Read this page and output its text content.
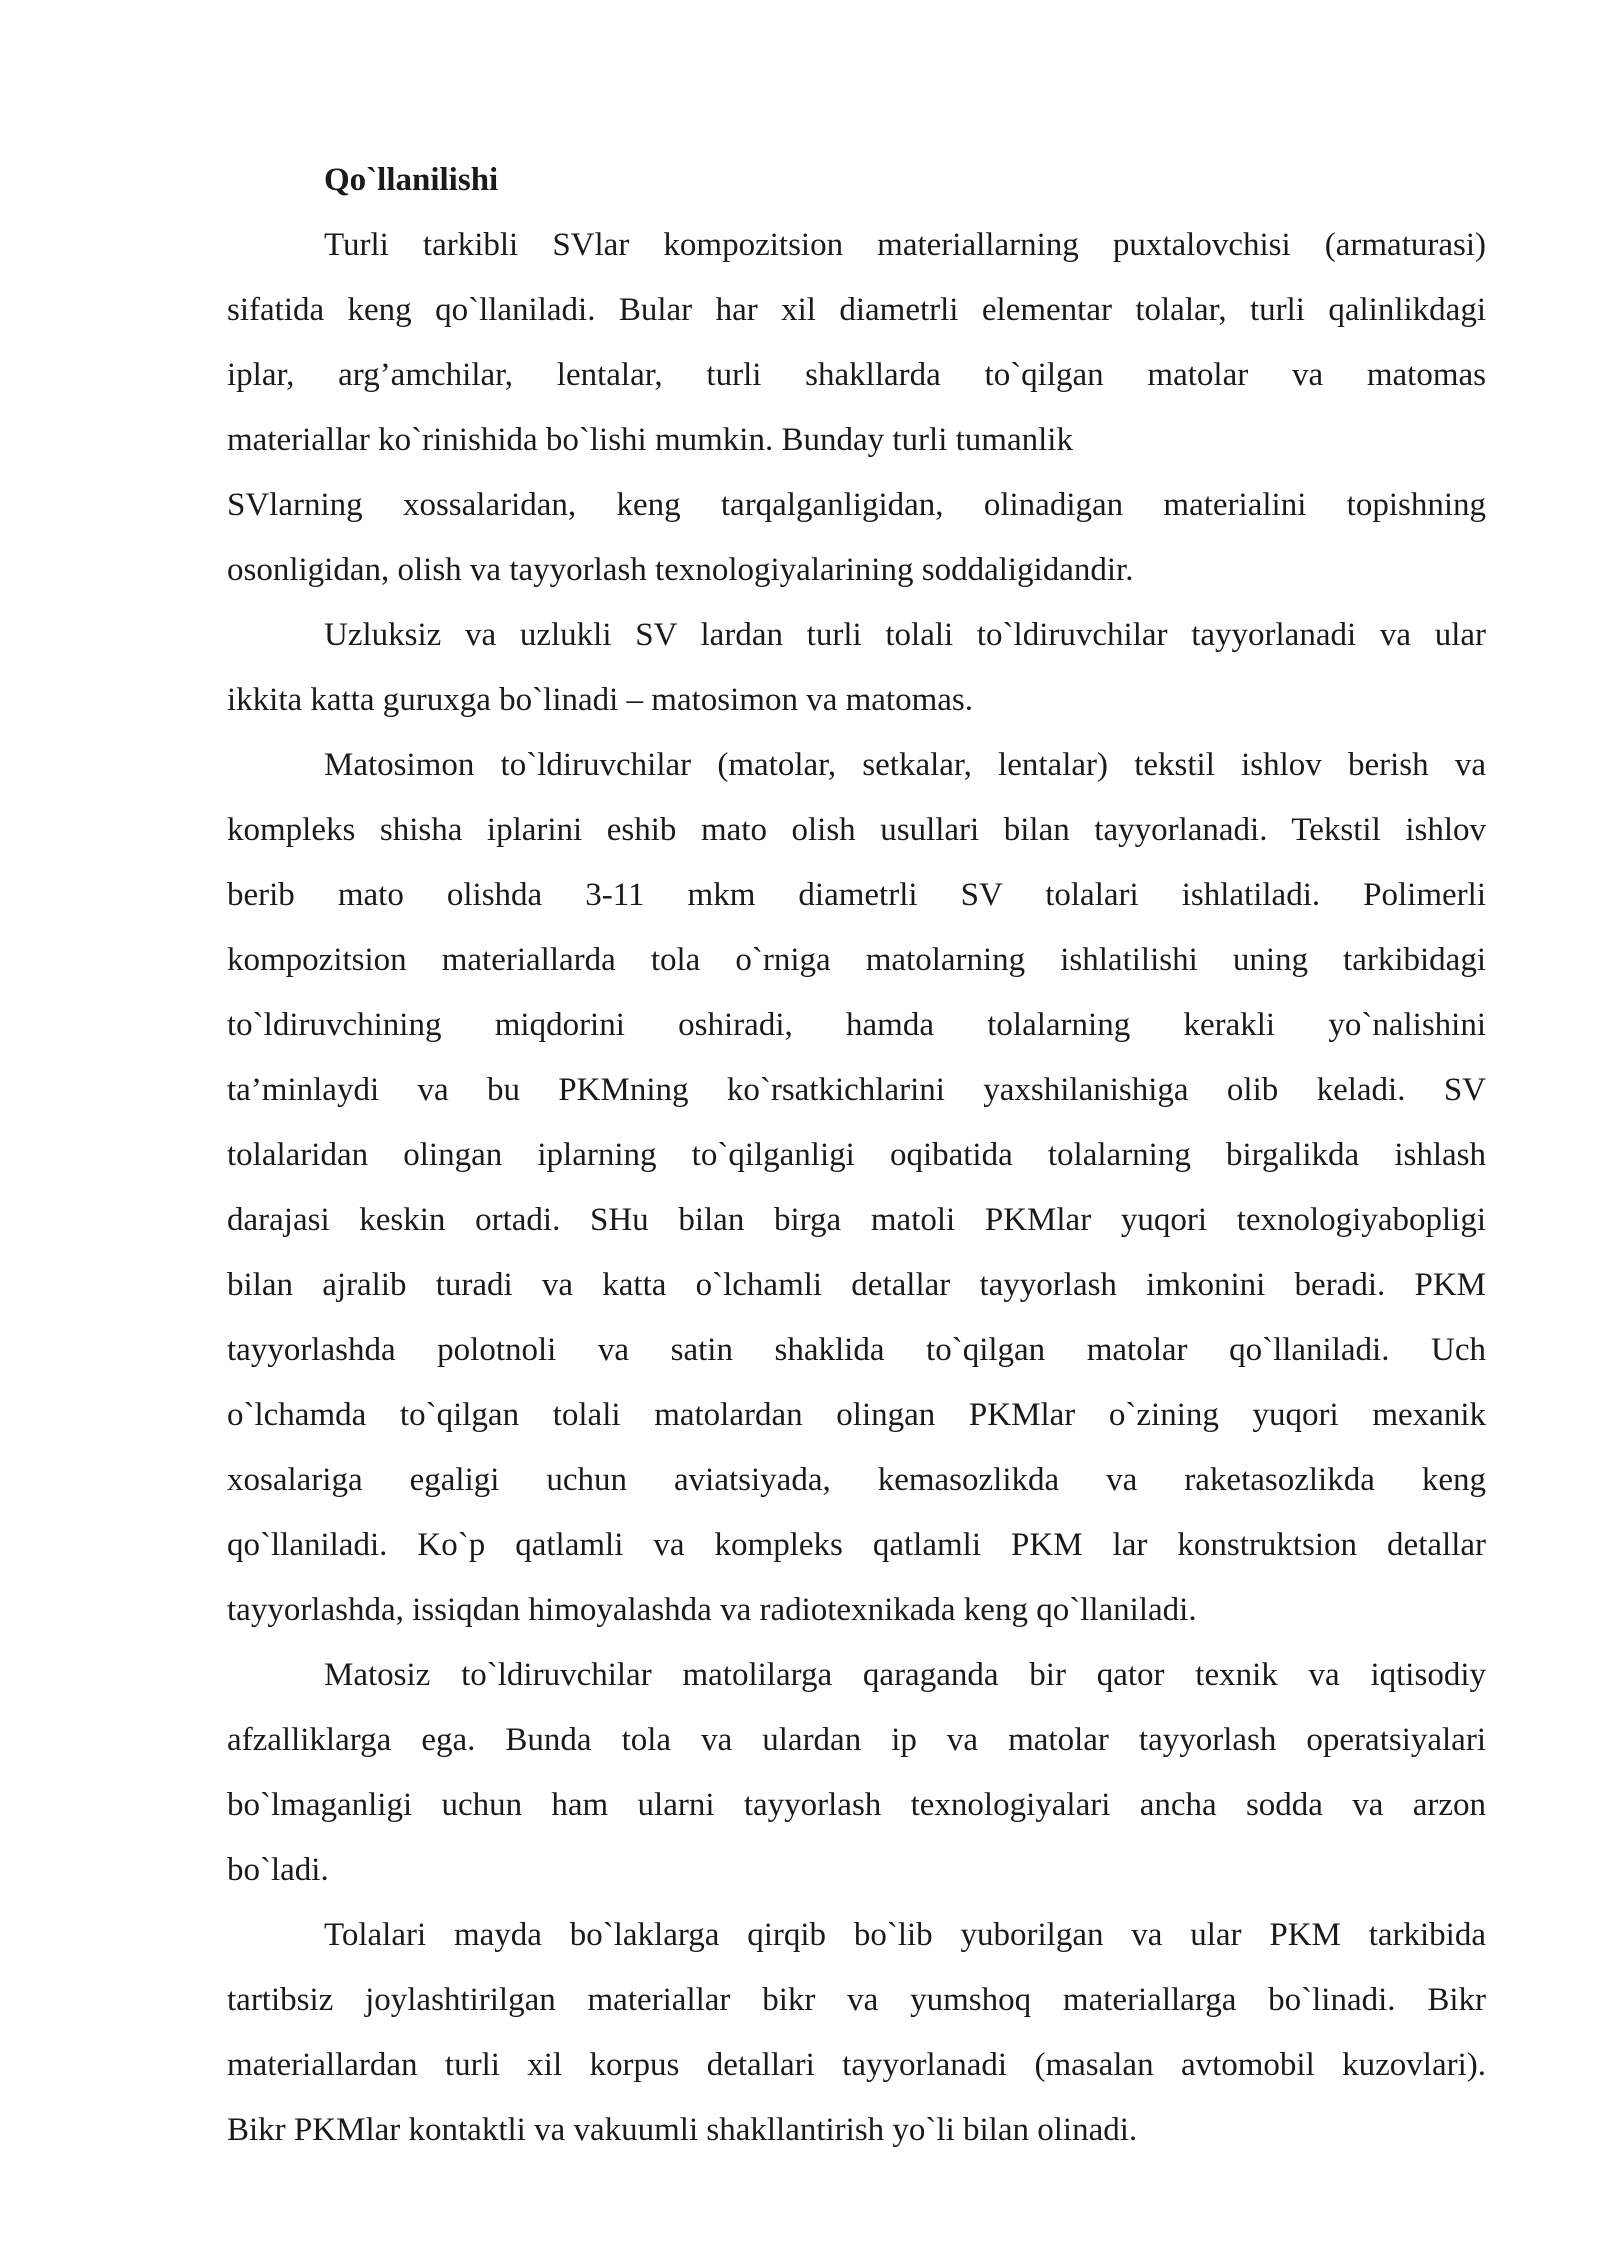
Qo`llanilishi

Turli tarkibli SVlar kompozitsion materiallarning puxtalovchisi (armaturasi)
sifatida keng qo`llaniladi. Bular har xil diametrli elementar tolalar, turli qalinlikdagi
iplar, arg’amchilar, lentalar, turli shakllarda to`qilgan matolar va matomas
materiallar ko`rinishida bo`lishi mumkin. Bunday turli tumanlik
SVlarning xossalaridan, keng tarqalganligidan, olinadigan materialini topishning
osonligidan, olish va tayyorlash texnologiyalarining soddaligidandir.

Uzluksiz va uzlukli SV lardan turli tolali to`ldiruvchilar tayyorlanadi va ular
ikkita katta guruxga bo`linadi – matosimon va matomas.

Matosimon to`ldiruvchilar (matolar, setkalar, lentalar) tekstil ishlov berish va
kompleks shisha iplarini eshib mato olish usullari bilan tayyorlanadi. Tekstil ishlov
berib mato olishda 3-11 mkm diametrli SV tolalari ishlatiladi. Polimerli
kompozitsion materiallarda tola o`rniga matolarning ishlatilishi uning tarkibidagi
to`ldiruvchining miqdorini oshiradi, hamda tolalarning kerakli yo`nalishini
ta’minlaydi va bu PKMning ko`rsatkichlarini yaxshilanishiga olib keladi. SV
tolalaridan olingan iplarning to`qilganligi oqibatida tolalarning birgalikda ishlash
darajasi keskin ortadi. SHu bilan birga matoli PKMlar yuqori texnologiyabopligi
bilan ajralib turadi va katta o`lchamli detallar tayyorlash imkonini beradi. PKM
tayyorlashda polotnoli va satin shaklida to`qilgan matolar qo`llaniladi. Uch
o`lchamda to`qilgan tolali matolardan olingan PKMlar o`zining yuqori mexanik
xosalariga egaligi uchun aviatsiyada, kemasozlikda va raketasozlikda keng
qo`llaniladi. Ko`p qatlamli va kompleks qatlamli PKM lar konstruktsion detallar
tayyorlashda, issiqdan himoyalashda va radiotexnikada keng qo`llaniladi.

Matosiz to`ldiruvchilar matolilarga qaraganda bir qator texnik va iqtisodiy
afzalliklarga ega. Bunda tola va ulardan ip va matolar tayyorlash operatsiyalari
bo`lmaganligi uchun ham ularni tayyorlash texnologiyalari ancha sodda va arzon
bo`ladi.

Tolalari mayda bo`laklarga qirqib bo`lib yuborilgan va ular PKM tarkibida
tartibsiz joylashtirilgan materiallar bikr va yumshoq materiallarga bo`linadi. Bikr
materiallardan turli xil korpus detallari tayyorlanadi (masalan avtomobil kuzovlari).
Bikr PKMlar kontaktli va vakuumli shakllantirish yo`li bilan olinadi.
